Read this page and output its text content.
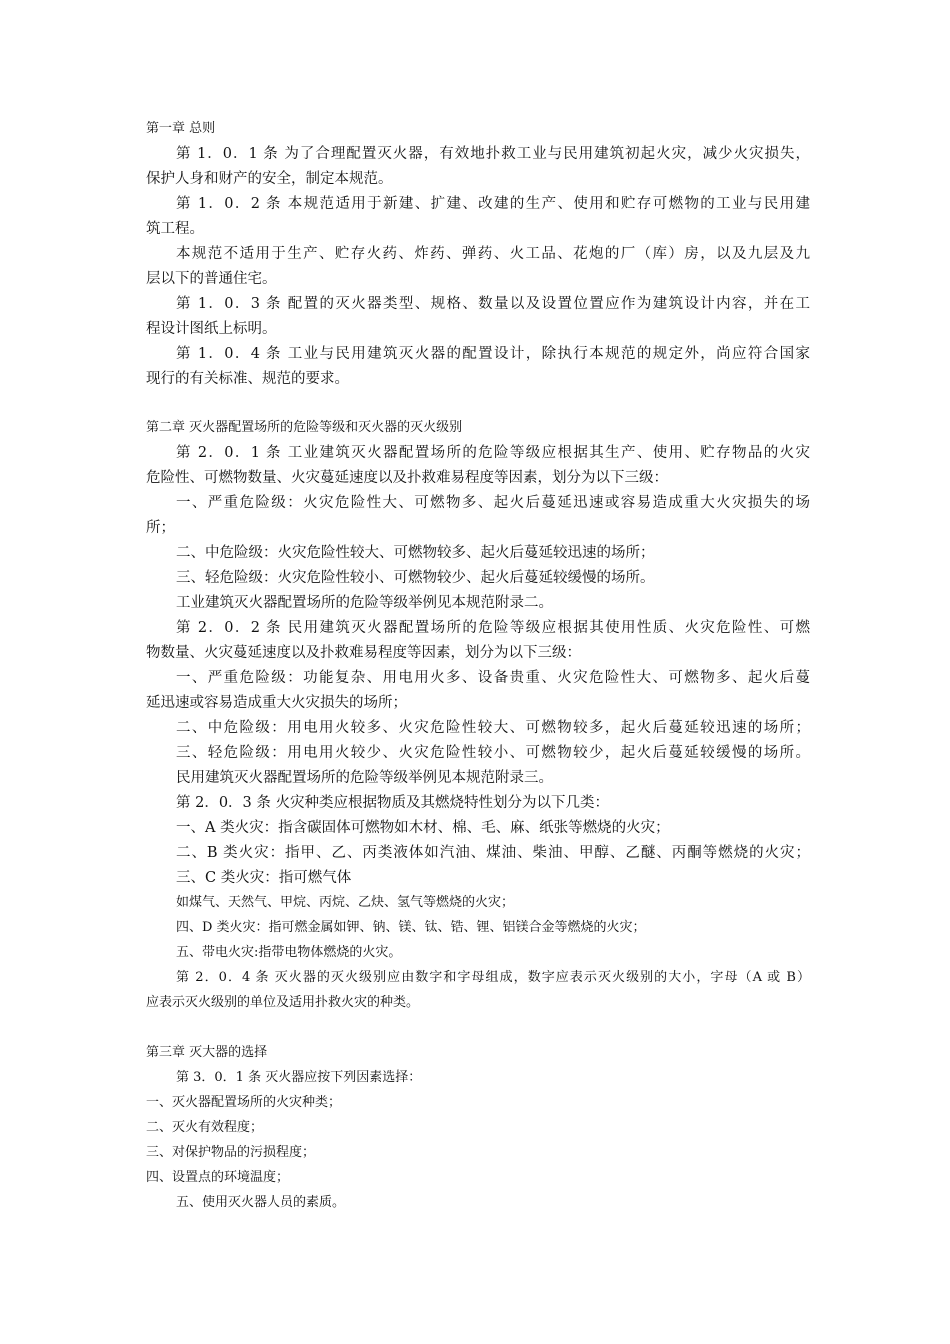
第一章 总则
第 1．0．1 条 为了合理配置灭火器，有效地扑救工业与民用建筑初起火灾，减少火灾损失，
保护人身和财产的安全，制定本规范。
第 1．0．2 条 本规范适用于新建、扩建、改建的生产、使用和贮存可燃物的工业与民用建
筑工程。
本规范不适用于生产、贮存火药、炸药、弹药、火工品、花炮的厂（库）房，以及九层及九
层以下的普通住宅。
第 1．0．3 条 配置的灭火器类型、规格、数量以及设置位置应作为建筑设计内容，并在工
程设计图纸上标明。
第 1．0．4 条 工业与民用建筑灭火器的配置设计，除执行本规范的规定外，尚应符合国家
现行的有关标准、规范的要求。
第二章 灭火器配置场所的危险等级和灭火器的灭火级别
第 2．0．1 条 工业建筑灭火器配置场所的危险等级应根据其生产、使用、贮存物品的火灾
危险性、可燃物数量、火灾蔓延速度以及扑救难易程度等因素，划分为以下三级：
一、严重危险级：火灾危险性大、可燃物多、起火后蔓延迅速或容易造成重大火灾损失的场
所；
二、中危险级：火灾危险性较大、可燃物较多、起火后蔓延较迅速的场所；
三、轻危险级：火灾危险性较小、可燃物较少、起火后蔓延较缓慢的场所。
工业建筑灭火器配置场所的危险等级举例见本规范附录二。
第 2．0．2 条 民用建筑灭火器配置场所的危险等级应根据其使用性质、火灾危险性、可燃
物数量、火灾蔓延速度以及扑救难易程度等因素，划分为以下三级：
一、严重危险级：功能复杂、用电用火多、设备贵重、火灾危险性大、可燃物多、起火后蔓
延迅速或容易造成重大火灾损失的场所；
二、中危险级：用电用火较多、火灾危险性较大、可燃物较多，起火后蔓延较迅速的场所；
三、轻危险级：用电用火较少、火灾危险性较小、可燃物较少，起火后蔓延较缓慢的场所。
民用建筑灭火器配置场所的危险等级举例见本规范附录三。
第 2．0．3 条 火灾种类应根据物质及其燃烧特性划分为以下几类：
一、A 类火灾：指含碳固体可燃物如木材、棉、毛、麻、纸张等燃烧的火灾；
二、B 类火灾：指甲、乙、丙类液体如汽油、煤油、柴油、甲醇、乙醚、丙酮等燃烧的火灾；
三、C 类火灾：指可燃气体
如煤气、天然气、甲烷、丙烷、乙炔、氢气等燃烧的火灾；
四、D 类火灾：指可燃金属如钾、钠、镁、钛、锆、锂、铝镁合金等燃烧的火灾；
五、带电火灾:指带电物体燃烧的火灾。
第 2．0．4 条 灭火器的灭火级别应由数字和字母组成，数字应表示灭火级别的大小，字母（A 或 B）
应表示灭火级别的单位及适用扑救火灾的种类。
第三章 灭大器的选择
第 3．0．1 条 灭火器应按下列因素选择：
一、灭火器配置场所的火灾种类；
二、灭火有效程度；
三、对保护物品的污损程度；
四、设置点的环境温度；
五、使用灭火器人员的素质。
